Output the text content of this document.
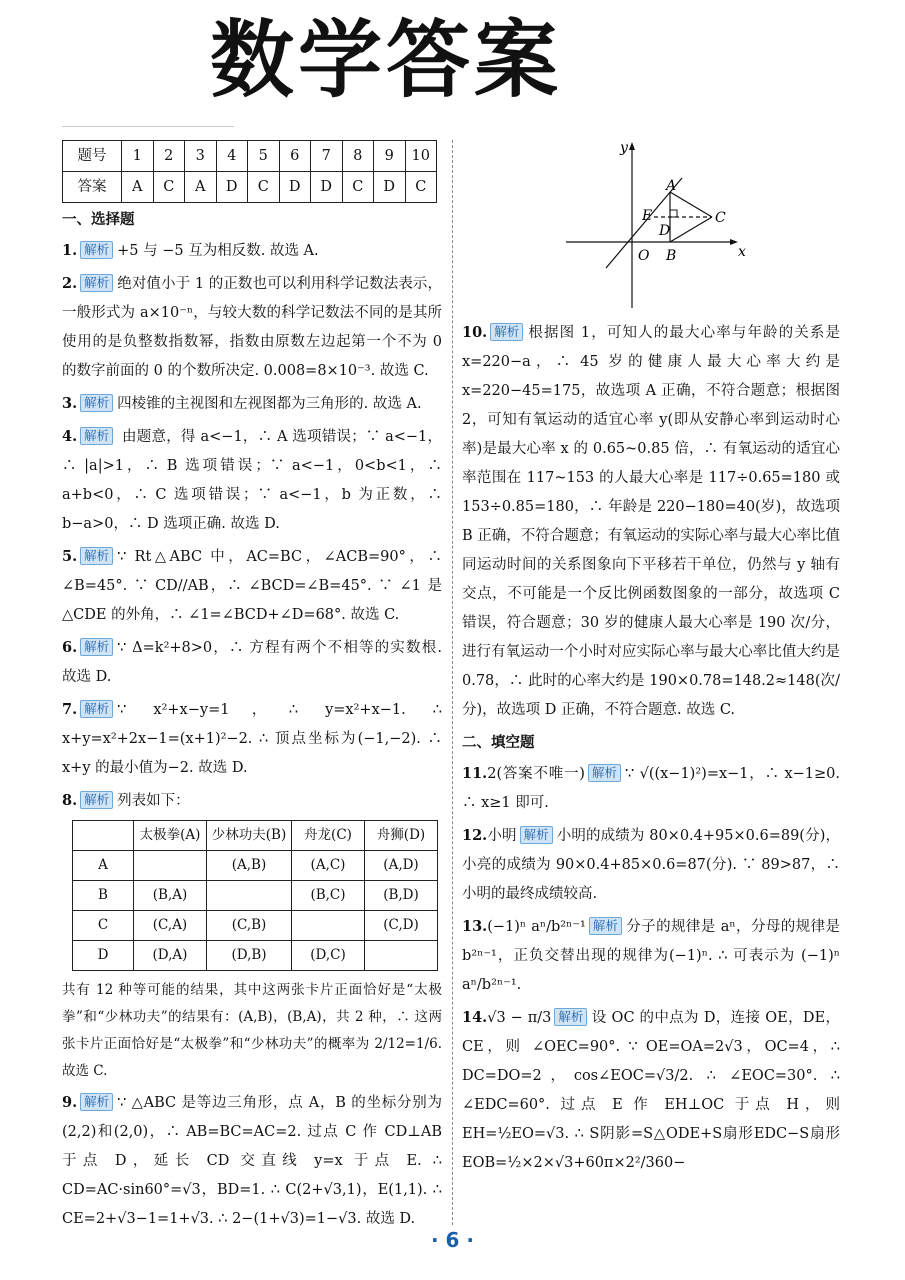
数学答案
题号	1	2	3	4	5	6	7	8	9	10
答案	A	C	A	D	C	D	D	C	D	C
一、选择题

1. 解析 +5 与 −5 互为相反数. 故选 A.

2. 解析 绝对值小于 1 的正数也可以利用科学记数法表示，一般形式为 a×10⁻ⁿ，与较大数的科学记数法不同的是其所使用的是负整数指数幂，指数由原数左边起第一个不为 0 的数字前面的 0 的个数所决定. 0.008=8×10⁻³. 故选 C.

3. 解析 四棱锥的主视图和左视图都为三角形的. 故选 A.

4. 解析 由题意，得 a<−1，∴ A 选项错误；∵ a<−1，∴ |a|>1，∴ B 选项错误；∵ a<−1，0<b<1，∴ a+b<0，∴ C 选项错误；∵ a<−1，b 为正数，∴ b−a>0，∴ D 选项正确. 故选 D.

5. 解析 ∵ Rt△ABC 中，AC=BC，∠ACB=90°，∴ ∠B=45°. ∵ CD//AB，∴ ∠BCD=∠B=45°. ∵ ∠1 是△CDE 的外角，∴ ∠1=∠BCD+∠D=68°. 故选 C.

6. 解析 ∵ Δ=k²+8>0，∴ 方程有两个不相等的实数根. 故选 D.

7. 解析 ∵ x²+x−y=1，∴ y=x²+x−1. ∴ x+y=x²+2x−1=(x+1)²−2. ∴ 顶点坐标为(−1,−2). ∴ x+y 的最小值为−2. 故选 D.

8. 解析 列表如下：

	太极拳(A)	少林功夫(B)	舟龙(C)	舟狮(D)
A		(A,B)	(A,C)	(A,D)
B	(B,A)		(B,C)	(B,D)
C	(C,A)	(C,B)		(C,D)
D	(D,A)	(D,B)	(D,C)	

共有 12 种等可能的结果，其中这两张卡片正面恰好是“太极拳”和“少林功夫”的结果有：(A,B)，(B,A)，共 2 种，∴ 这两张卡片正面恰好是“太极拳”和“少林功夫”的概率为 2/12=1/6. 故选 C.

9. 解析 ∵ △ABC 是等边三角形，点 A，B 的坐标分别为(2,2)和(2,0)，∴ AB=BC=AC=2. 过点 C 作 CD⊥AB 于点 D，延长 CD 交直线 y=x 于点 E. ∴ CD=AC·sin60°=√3，BD=1. ∴ C(2+√3,1)，E(1,1). ∴ CE=2+√3−1=1+√3. ∴ 2−(1+√3)=1−√3. 故选 D.

y
x
O B
A
C
D
E

10. 解析 根据图 1，可知人的最大心率与年龄的关系是 x=220−a，∴ 45 岁的健康人最大心率大约是 x=220−45=175，故选项 A 正确，不符合题意；根据图 2，可知有氧运动的适宜心率 y(即从安静心率到运动时心率)是最大心率 x 的 0.65~0.85 倍，∴ 有氧运动的适宜心率范围在 117~153 的人最大心率是 117÷0.65=180 或 153÷0.85=180，∴ 年龄是 220−180=40(岁)，故选项 B 正确，不符合题意；有氧运动的实际心率与最大心率比值同运动时间的关系图象向下平移若干单位，仍然与 y 轴有交点，不可能是一个反比例函数图象的一部分，故选项 C 错误，符合题意；30 岁的健康人最大心率是 190 次/分，进行有氧运动一个小时对应实际心率与最大心率比值大约是 0.78，∴ 此时的心率大约是 190×0.78=148.2≈148(次/分)，故选项 D 正确，不符合题意. 故选 C.

二、填空题

11.2(答案不唯一) 解析 ∵ √((x−1)²)=x−1，∴ x−1≥0. ∴ x≥1 即可.

12.小明 解析 小明的成绩为 80×0.4+95×0.6=89(分)，小亮的成绩为 90×0.4+85×0.6=87(分). ∵ 89>87，∴ 小明的最终成绩较高.

13.(−1)ⁿ aⁿ/b²ⁿ⁻¹ 解析 分子的规律是 aⁿ，分母的规律是 b²ⁿ⁻¹，正负交替出现的规律为(−1)ⁿ. ∴ 可表示为 (−1)ⁿ aⁿ/b²ⁿ⁻¹.

14.√3 − π/3 解析 设 OC 的中点为 D，连接 OE，DE，CE，则 ∠OEC=90°. ∵ OE=OA=2√3，OC=4，∴ DC=DO=2，cos∠EOC=√3/2. ∴ ∠EOC=30°. ∴ ∠EDC=60°. 过点 E 作 EH⊥OC 于点 H，则 EH=½EO=√3. ∴ S阴影=S△ODE+S扇形EDC−S扇形EOB=½×2×√3+60π×2²/360−

· 6 ·
